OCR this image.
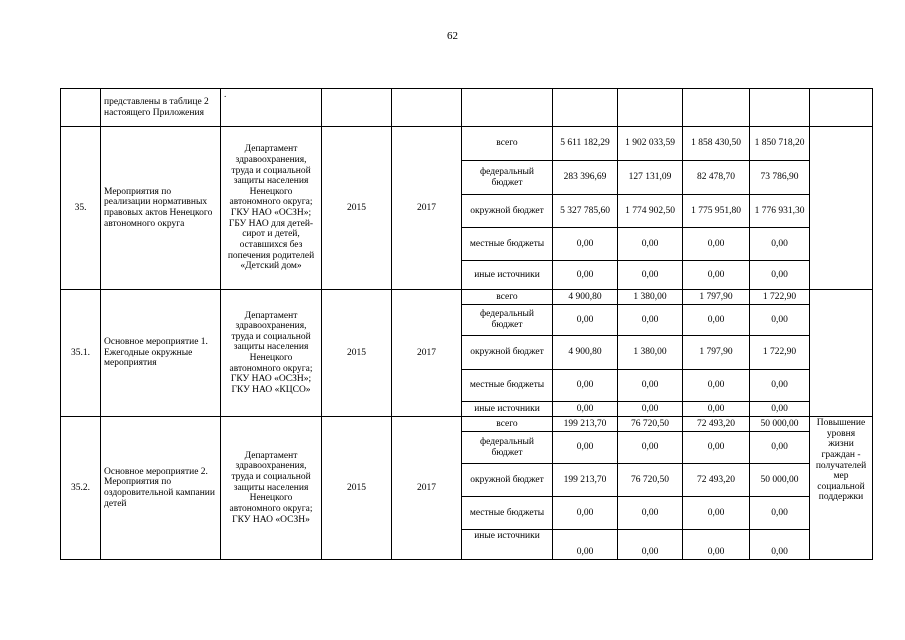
62
	представлены в таблице 2 настоящего Приложения	.								
35.	Мероприятия по реализации нормативных правовых актов Ненецкого автономного округа	Департамент здравоохранения, труда и социальной защиты населения Ненецкого автономного округа; ГКУ НАО «ОСЗН»; ГБУ НАО для детей-сирот и детей, оставшихся без попечения родителей «Детский дом»	2015	2017	всего	5 611 182,29	1 902 033,59	1 858 430,50	1 850 718,20	
					федеральный бюджет	283 396,69	127 131,09	82 478,70	73 786,90	
					окружной бюджет	5 327 785,60	1 774 902,50	1 775 951,80	1 776 931,30	
					местные бюджеты	0,00	0,00	0,00	0,00	
					иные источники	0,00	0,00	0,00	0,00	
35.1.	Основное мероприятие 1. Ежегодные окружные мероприятия	Департамент здравоохранения, труда и социальной защиты населения Ненецкого автономного округа; ГКУ НАО «ОСЗН»; ГКУ НАО «КЦСО»	2015	2017	всего	4 900,80	1 380,00	1 797,90	1 722,90	
					федеральный бюджет	0,00	0,00	0,00	0,00	
					окружной бюджет	4 900,80	1 380,00	1 797,90	1 722,90	
					местные бюджеты	0,00	0,00	0,00	0,00	
					иные источники	0,00	0,00	0,00	0,00	
35.2.	Основное мероприятие 2. Мероприятия по оздоровительной кампании детей	Департамент здравоохранения, труда и социальной защиты населения Ненецкого автономного округа; ГКУ НАО «ОСЗН»	2015	2017	всего	199 213,70	76 720,50	72 493,20	50 000,00	Повышение уровня жизни граждан - получателей мер социальной поддержки
					федеральный бюджет	0,00	0,00	0,00	0,00	
					окружной бюджет	199 213,70	76 720,50	72 493,20	50 000,00	
					местные бюджеты	0,00	0,00	0,00	0,00	
					иные источники	0,00	0,00	0,00	0,00	
